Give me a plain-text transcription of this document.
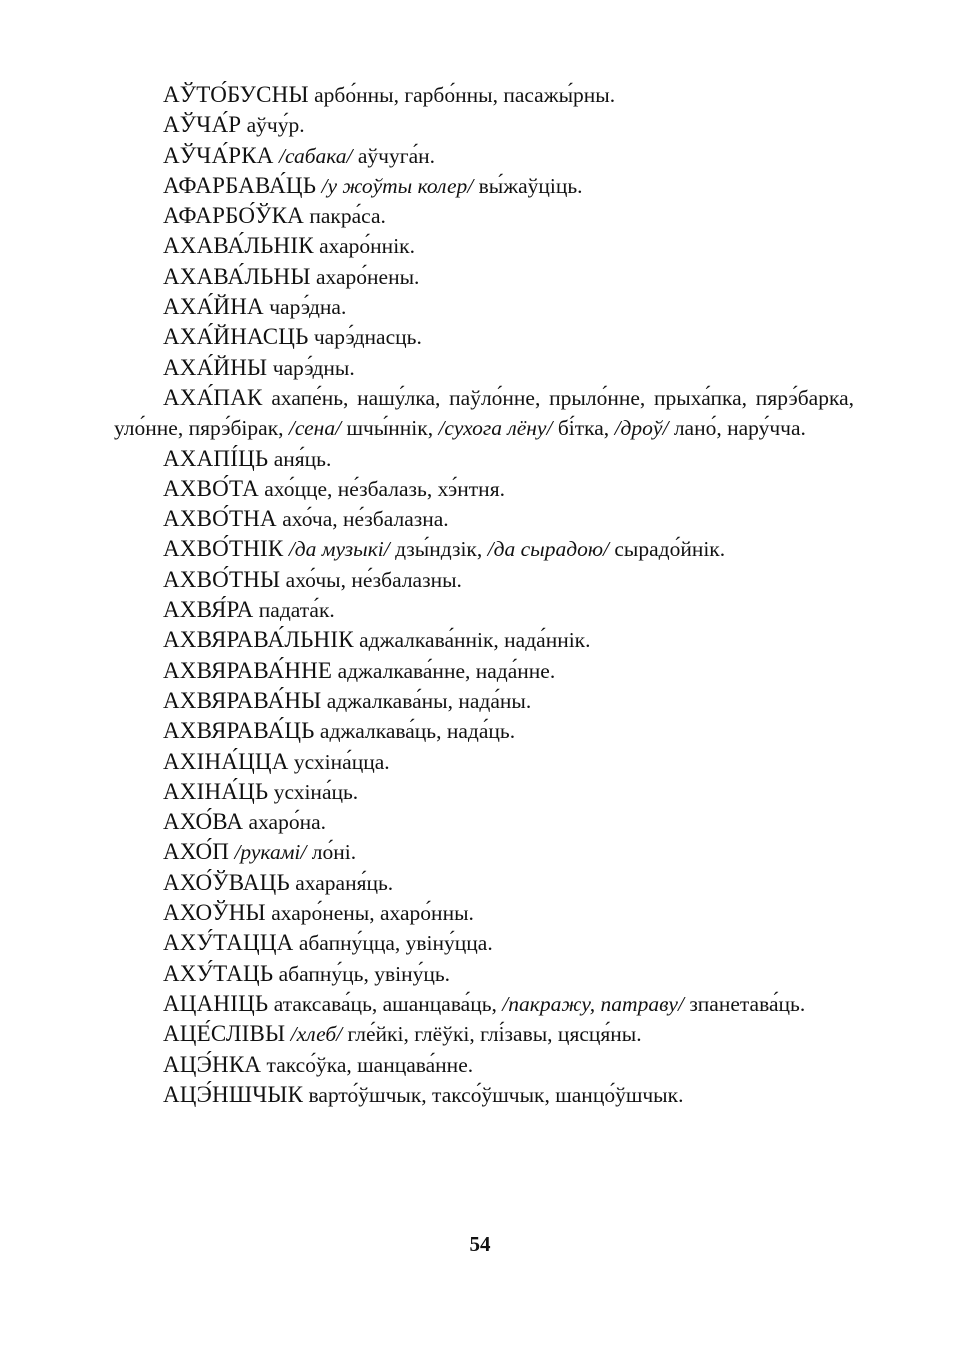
АЎТО́БУСНЫ арбо́нны, гарбо́нны, пасажы́рны.

АЎЧА́Р аўчу́р.

АЎЧА́РКА /сабака/ аўчуга́н.

АФАРБАВА́ЦЬ /у жоўты колер/ вы́жаўціць.

АФАРБО́ЎКА пакра́са.

АХАВА́ЛЬНІК ахаро́ннік.

АХАВА́ЛЬНЫ ахаро́нены.

АХА́ЙНА чарэ́дна.

АХА́ЙНАСЦЬ чарэ́днасць.

АХА́ЙНЫ чарэ́дны.

АХА́ПАК ахапе́нь, нашу́лка, паўло́нне, прыло́нне, прыха́пка, пярэ́барка, уло́нне, пярэ́бірак, /сена/ шчы́ннік, /сухога лёну/ бі́тка, /дроў/ лано́, нару́чча.

АХАПІ́ЦЬ аня́ць.

АХВО́ТА ахо́цце, не́збалазь, хэ́нтня.

АХВО́ТНА ахо́ча, не́збалазна.

АХВО́ТНІК /да музыкі/ дзы́ндзік, /да сырадою/ сырадо́йнік.

АХВО́ТНЫ ахо́чы, не́збалазны.

АХВЯ́РА падата́к.

АХВЯРАВА́ЛЬНІК аджалкава́ннік, нада́ннік.

АХВЯРАВА́ННЕ аджалкава́нне, нада́нне.

АХВЯРАВА́НЫ аджалкава́ны, нада́ны.

АХВЯРАВА́ЦЬ аджалкава́ць, нада́ць.

АХІНА́ЦЦА усхіна́цца.

АХІНА́ЦЬ усхіна́ць.

АХО́ВА ахаро́на.

АХО́П /рукамі/ ло́ні.

АХО́ЎВАЦЬ ахараня́ць.

АХОЎНЫ ахаро́нены, ахаро́нны.

АХУ́ТАЦЦА абапну́цца, увіну́цца.

АХУ́ТАЦЬ абапну́ць, увіну́ць.

АЦАНІЦЬ атаксава́ць, ашанцава́ць, /пакражу, патраву/ зпанетава́ць.

АЦЕ́СЛІВЫ /хлеб/ гле́йкі, глёўкі, глі́завы, цясця́ны.

АЦЭ́НКА таксо́ўка, шанцава́нне.

АЦЭ́НШЧЫК варто́ўшчык, таксо́ўшчык, шанцо́ўшчык.

54
